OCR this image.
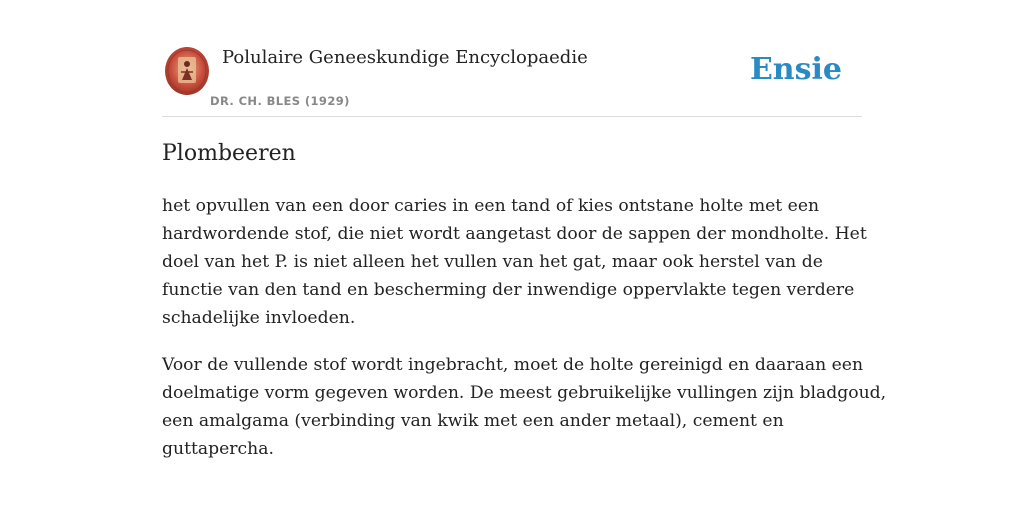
Polulaire Geneeskundige Encyclopaedie
DR. CH. BLES (1929)
Ensie
Plombeeren

het opvullen van een door caries in een tand of kies ontstane holte met een
hardwordende stof, die niet wordt aangetast door de sappen der mondholte. Het
doel van het P. is niet alleen het vullen van het gat, maar ook herstel van de
functie van den tand en bescherming der inwendige oppervlakte tegen verdere
schadelijke invloeden.

Voor de vullende stof wordt ingebracht, moet de holte gereinigd en daaraan een
doelmatige vorm gegeven worden. De meest gebruikelijke vullingen zijn bladgoud,
een amalgama (verbinding van kwik met een ander metaal), cement en
guttapercha.
